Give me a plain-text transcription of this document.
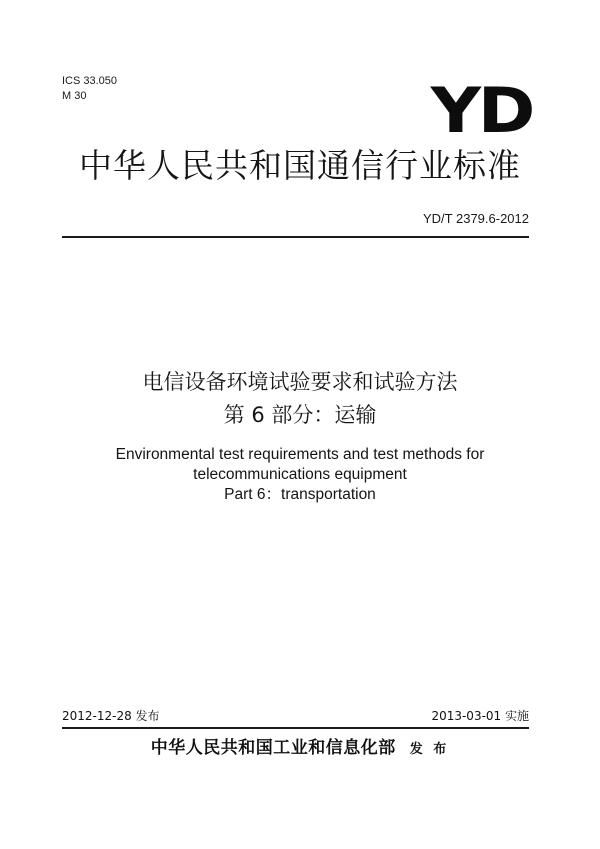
ICS 33.050
M 30	YD
中华人民共和国通信行业标准
YD/T 2379.6-2012
电信设备环境试验要求和试验方法
第 6 部分：运输
Environmental test requirements and test methods for
telecommunications equipment
Part 6：transportation
2012-12-28 发布	2013-03-01 实施
中华人民共和国工业和信息化部 发 布
